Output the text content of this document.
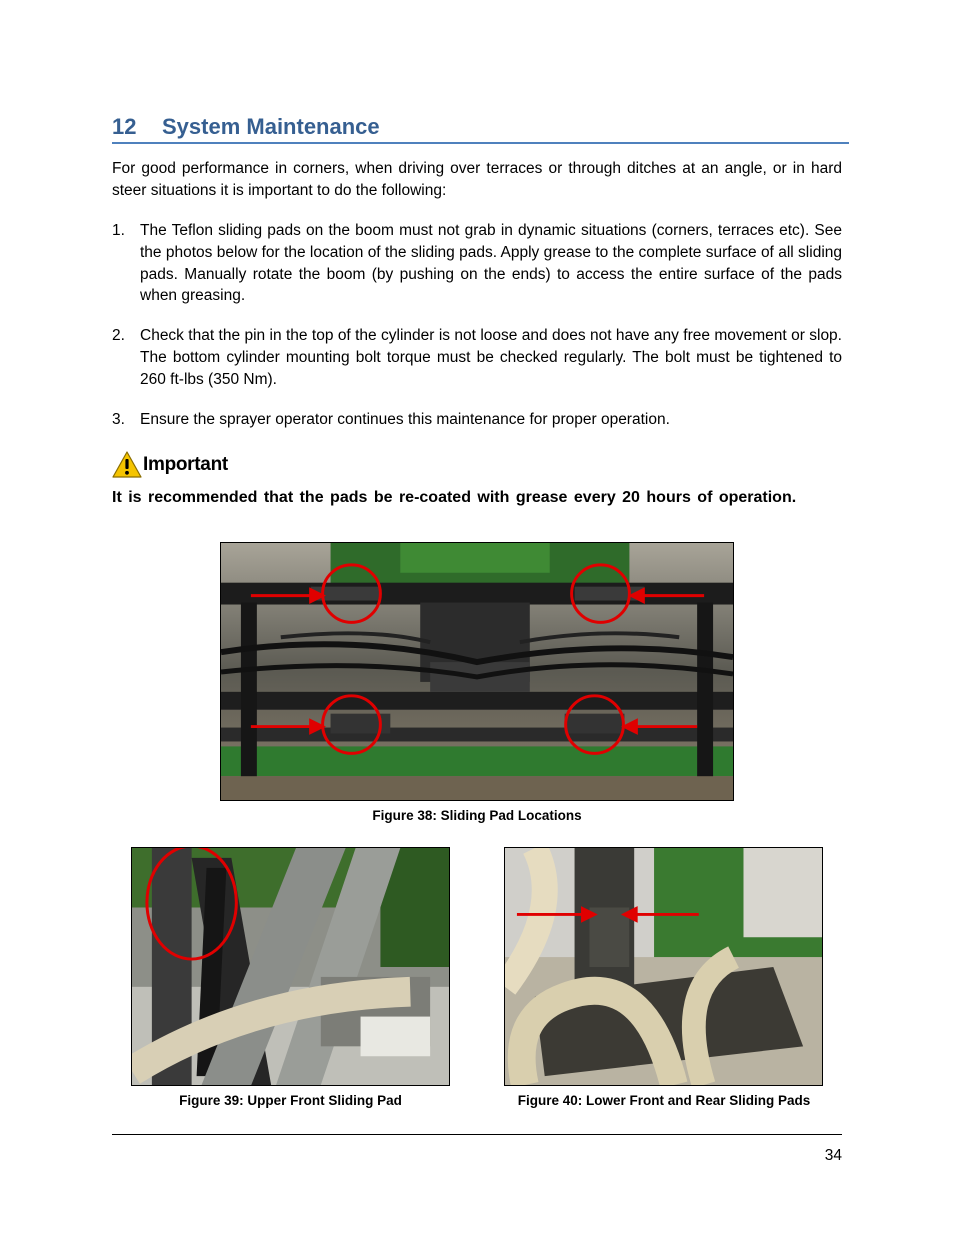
12 System Maintenance
For good performance in corners, when driving over terraces or through ditches at an angle, or in hard steer situations it is important to do the following:
1. The Teflon sliding pads on the boom must not grab in dynamic situations (corners, terraces etc). See the photos below for the location of the sliding pads. Apply grease to the complete surface of all sliding pads. Manually rotate the boom (by pushing on the ends) to access the entire surface of the pads when greasing.
2. Check that the pin in the top of the cylinder is not loose and does not have any free movement or slop. The bottom cylinder mounting bolt torque must be checked regularly. The bolt must be tightened to 260 ft-lbs (350 Nm).
3. Ensure the sprayer operator continues this maintenance for proper operation.
Important
It is recommended that the pads be re-coated with grease every 20 hours of operation.
Figure 38: Sliding Pad Locations
Figure 39: Upper Front Sliding Pad	Figure 40: Lower Front and Rear Sliding Pads
34
